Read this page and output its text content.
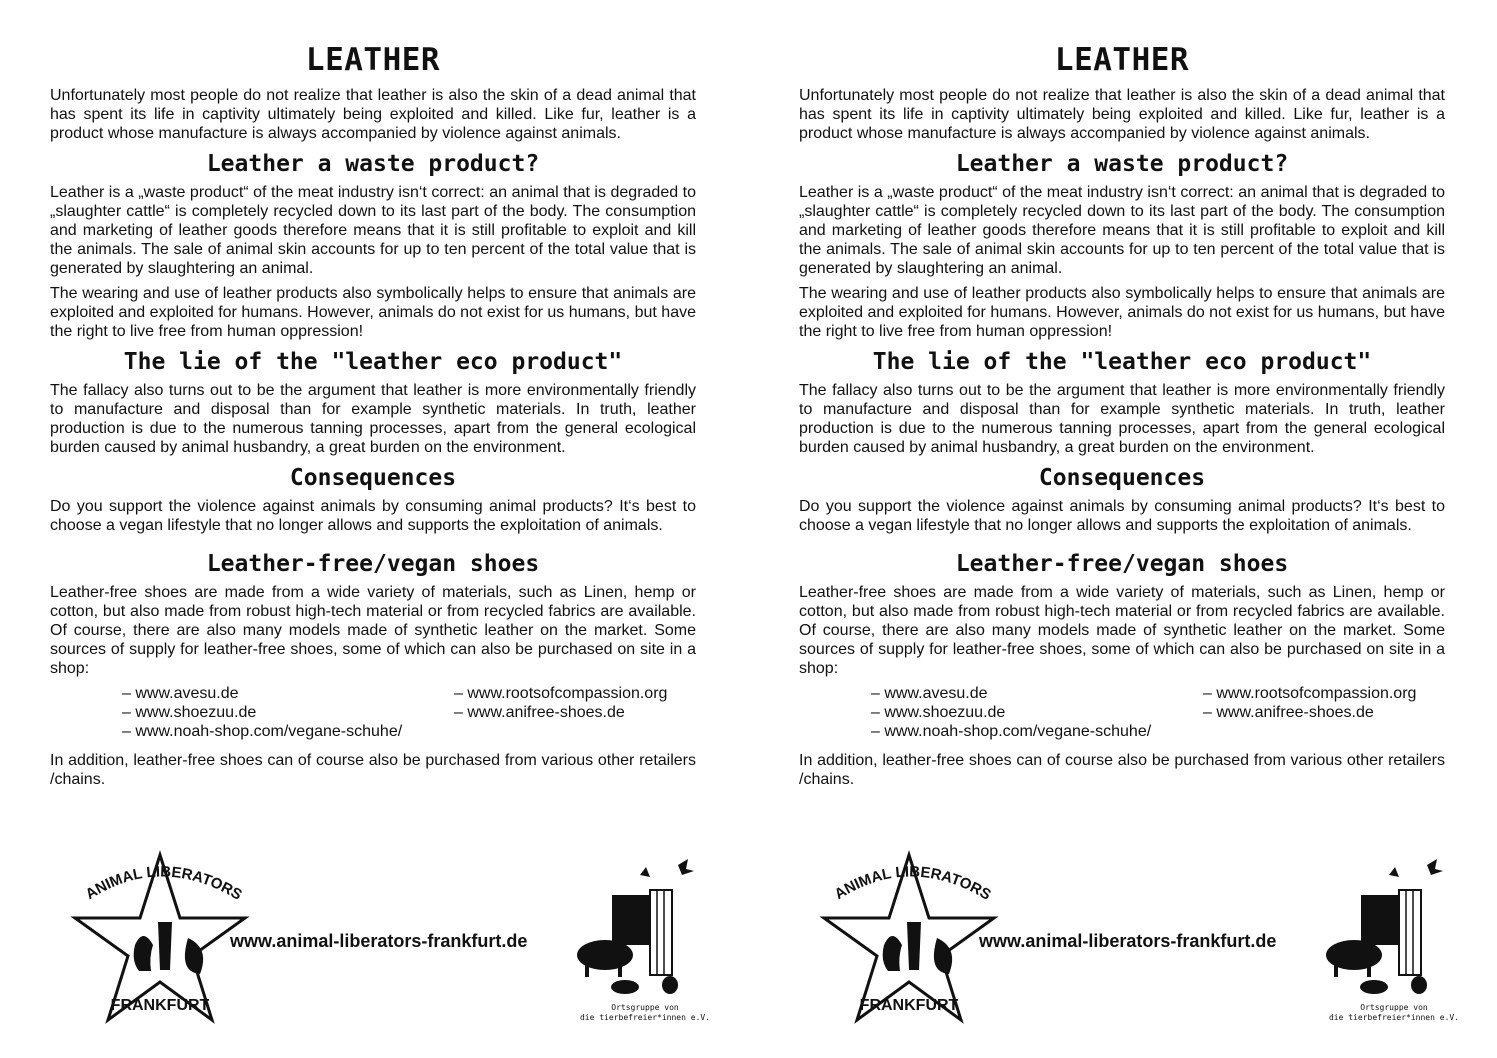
LEATHER

Unfortunately most people do not realize that leather is also the skin of a dead animal that has spent its life in captivity ultimately being exploited and killed. Like fur, leather is a product whose manufacture is always accompanied by violence against animals.

Leather a waste product?

Leather is a „waste product“ of the meat industry isn‘t correct: an animal that is degraded to „slaughter cattle“ is completely recycled down to its last part of the body. The consumption and marketing of leather goods therefore means that it is still profitable to exploit and kill the animals. The sale of animal skin accounts for up to ten percent of the total value that is generated by slaughtering an animal.

The wearing and use of leather products also symbolically helps to ensure that animals are exploited and exploited for humans. However, animals do not exist for us humans, but have the right to live free from human oppression!

The lie of the "leather eco product"

The fallacy also turns out to be the argument that leather is more environmentally friendly to manufacture and disposal than for example synthetic materials. In truth, leather production is due to the numerous tanning processes, apart from the general ecological burden caused by animal husbandry, a great burden on the environment.

Consequences

Do you support the violence against animals by consuming animal products? It‘s best to choose a vegan lifestyle that no longer allows and supports the exploitation of animals.

Leather-free/vegan shoes

Leather-free shoes are made from a wide variety of materials, such as Linen, hemp or cotton, but also made from robust high-tech material or from recycled fabrics are available. Of course, there are also many models made of synthetic leather on the market. Some sources of supply for leather-free shoes, some of which can also be purchased on site in a shop:

– www.avesu.de	– www.rootsofcompassion.org
– www.shoezuu.de	– www.anifree-shoes.de
– www.noah-shop.com/vegane-schuhe/

In addition, leather-free shoes can of course also be purchased from various other retailers /chains.

ANIMAL LIBERATORS
FRANKFURT
www.animal-liberators-frankfurt.de
Ortsgruppe von
die tierbefreier*innen e.V.
LEATHER

Unfortunately most people do not realize that leather is also the skin of a dead animal that has spent its life in captivity ultimately being exploited and killed. Like fur, leather is a product whose manufacture is always accompanied by violence against animals.

Leather a waste product?

Leather is a „waste product“ of the meat industry isn‘t correct: an animal that is degraded to „slaughter cattle“ is completely recycled down to its last part of the body. The consumption and marketing of leather goods therefore means that it is still profitable to exploit and kill the animals. The sale of animal skin accounts for up to ten percent of the total value that is generated by slaughtering an animal.

The wearing and use of leather products also symbolically helps to ensure that animals are exploited and exploited for humans. However, animals do not exist for us humans, but have the right to live free from human oppression!

The lie of the "leather eco product"

The fallacy also turns out to be the argument that leather is more environmentally friendly to manufacture and disposal than for example synthetic materials. In truth, leather production is due to the numerous tanning processes, apart from the general ecological burden caused by animal husbandry, a great burden on the environment.

Consequences

Do you support the violence against animals by consuming animal products? It‘s best to choose a vegan lifestyle that no longer allows and supports the exploitation of animals.

Leather-free/vegan shoes

Leather-free shoes are made from a wide variety of materials, such as Linen, hemp or cotton, but also made from robust high-tech material or from recycled fabrics are available. Of course, there are also many models made of synthetic leather on the market. Some sources of supply for leather-free shoes, some of which can also be purchased on site in a shop:

– www.avesu.de	– www.rootsofcompassion.org
– www.shoezuu.de	– www.anifree-shoes.de
– www.noah-shop.com/vegane-schuhe/

In addition, leather-free shoes can of course also be purchased from various other retailers /chains.

ANIMAL LIBERATORS
FRANKFURT
www.animal-liberators-frankfurt.de
Ortsgruppe von
die tierbefreier*innen e.V.
